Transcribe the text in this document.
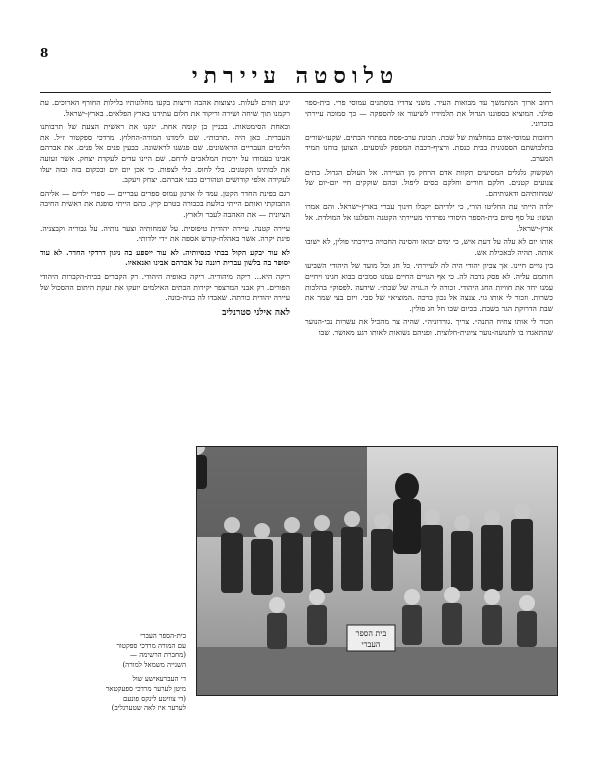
8
טלוסטה עיירתי

רחוב ארוך המתמשך עד מבואות העיר. משני צדדיו בוסתנים עמוסי פרי. בית-ספר פולני. המוציא בספוננו הגדול את תלמידיו לשיעור או להספקה — כך סמוכה עיירתי בזכרוני.

רחובות עמוסי-אדם במחלצות של שבת. תכונת ערב-פסח בפתחי הבתים. שקעו-שורים בתלבושתם הססגונית בבית כנסת. ורציף-רכבת המספק לנוסעים. הצוען בוחנו תמיד המערב.

ושקשוק גלגלים המסיעים תקוות אדם הרחק מן העיירה. אל העולם הגדול. בתים צנועים קטנים. חלקם חורים וחלקם כסים ליפול. ובהם שוקקים חיי יום-יום של שמחותיהם ודאגותיהם.

ילדה הייתי עת החליטו הורי, כי ילדיהם יקבלו חינוך עברי בארץ-ישראל. והם אמרו ועשו: על סף סיום בית-הספר היסודי נפרדתי מעיירתי הקטנה והפלגנו אל המולדת. אל ארץ-ישראל.

אותו יום לא עלה על דעת איש, כי ימים יבואו והסינה החבויה ביירכתי פולין, לא ישובו אותה. תהיה לבאכילת אש.

בין גויים חיינו. אך צביון יהודי היה לה לעיירתי. כל חג וכל מועד של היהודי השביעו חותמם עליה. לא פסק נדבה לה. כי אף הגויים החיים עמנו סמכים בבוא חגינו ויחיים עמנו יחד את חוויות החג היהודי. זכורה לי ה.גויה של שבת״. שידעה .לפסוק״ בהלכות כשרות. וזכור לי אותו גוי. צנצה אל נכון ברכה .המוציא״ של סבי. ויזם בצי שמר את שבת הדרוקת הגר בשבת. בכיום שבו חל חג פולין.

וזכור לי אותו צחיח התנה״. צריך .גורדוניה״. שהיה צר מהכיל את עשרות נבי-הנוער שהתאגדו בו לתנועה-נוער ציונית-חלוצית. ופניהם נשואות לאותו רגע מאושר. שבו

יגיע תורם לעלות. גיצוצות אהבה וריצות בקעו מחלונותיו בלילות החורף הארוכים. עת רקמנו תוך שיחה ושירה וריקוד את חלום עתידנו בארץ הפלאים. בארץ-ישראל.

ובאחת הסימטאות. בבניין בן קומה אחת. ינקנו את ראשית הצעת של תרבותנו העברית. כאן היה .תרבות״. שם לימדנו המורה-החלוץ. מרדכי ספקטור ז״ל. את הלימים העבריים הראשונים. שם פגשנו לראשונה. כבעין פנים אל פנים. את אברהם אבינו בעמודו על ירכות המלאכים לרחם. שם היינו עדים לעקדת יצחק. אשר זעזעה את לבותינו הקטנים. בלי לחוס. בלי לצפות. כי אכן יום יום ובכקום בזה ובזה יעלו לעקידה אלפי קודושים וטהורים כבני אברהם. יצחק ויעקב.

רגם בפינת החדר הקטן. עמד לו ארגון עמוס ספרים עבריים — ספרי ילדים — אליהם התבזקתי ואותם הייתי בולעת בכבורה בטרם קיץ. כהם הייתי סופגת את ראשית החיבה הציונית — את האהבה לעבר ולארץ.

עיירה קטנה. עיירה יהודית טיפוסית. על שמחותיה וצער נותיה. על גבוריה וקבצניה. פינת יקרה. אשר באהלח-קודש אספה את ״די ילדותי.

לא עוד יבקע הקול בבתי כנסיותיה. לא עוד ייספע בה ניגון דרדקי החדר. לא עוד יסופר בה בלשון עברית רוננה על אברהם אבינו ואנאאיו.

ריקה היא... ריקה מיהודיה. ריקה כאופיה היהודי. רק הקברים בבית-הקברות היהודי הפורים. רק אבני המרצפר יקירות הבתים האילמים יועקו את זעקת היתום ההסכול של עיירה יהודית כורתה. שאבדו לה בניה-בונה.

לאה אילני סטרנליב
בית הספר
העברי

בית-הספר העברי
עם המורה מרדכי ספקטור
(מחברת הרשימה —
השנייה משמאל למורה)

די העברעאישע שול
מיטן לערער מרדכי ספעקטאר
(די צוויטע לינקס פונעם
לערער איז לאה שטערנליב)
